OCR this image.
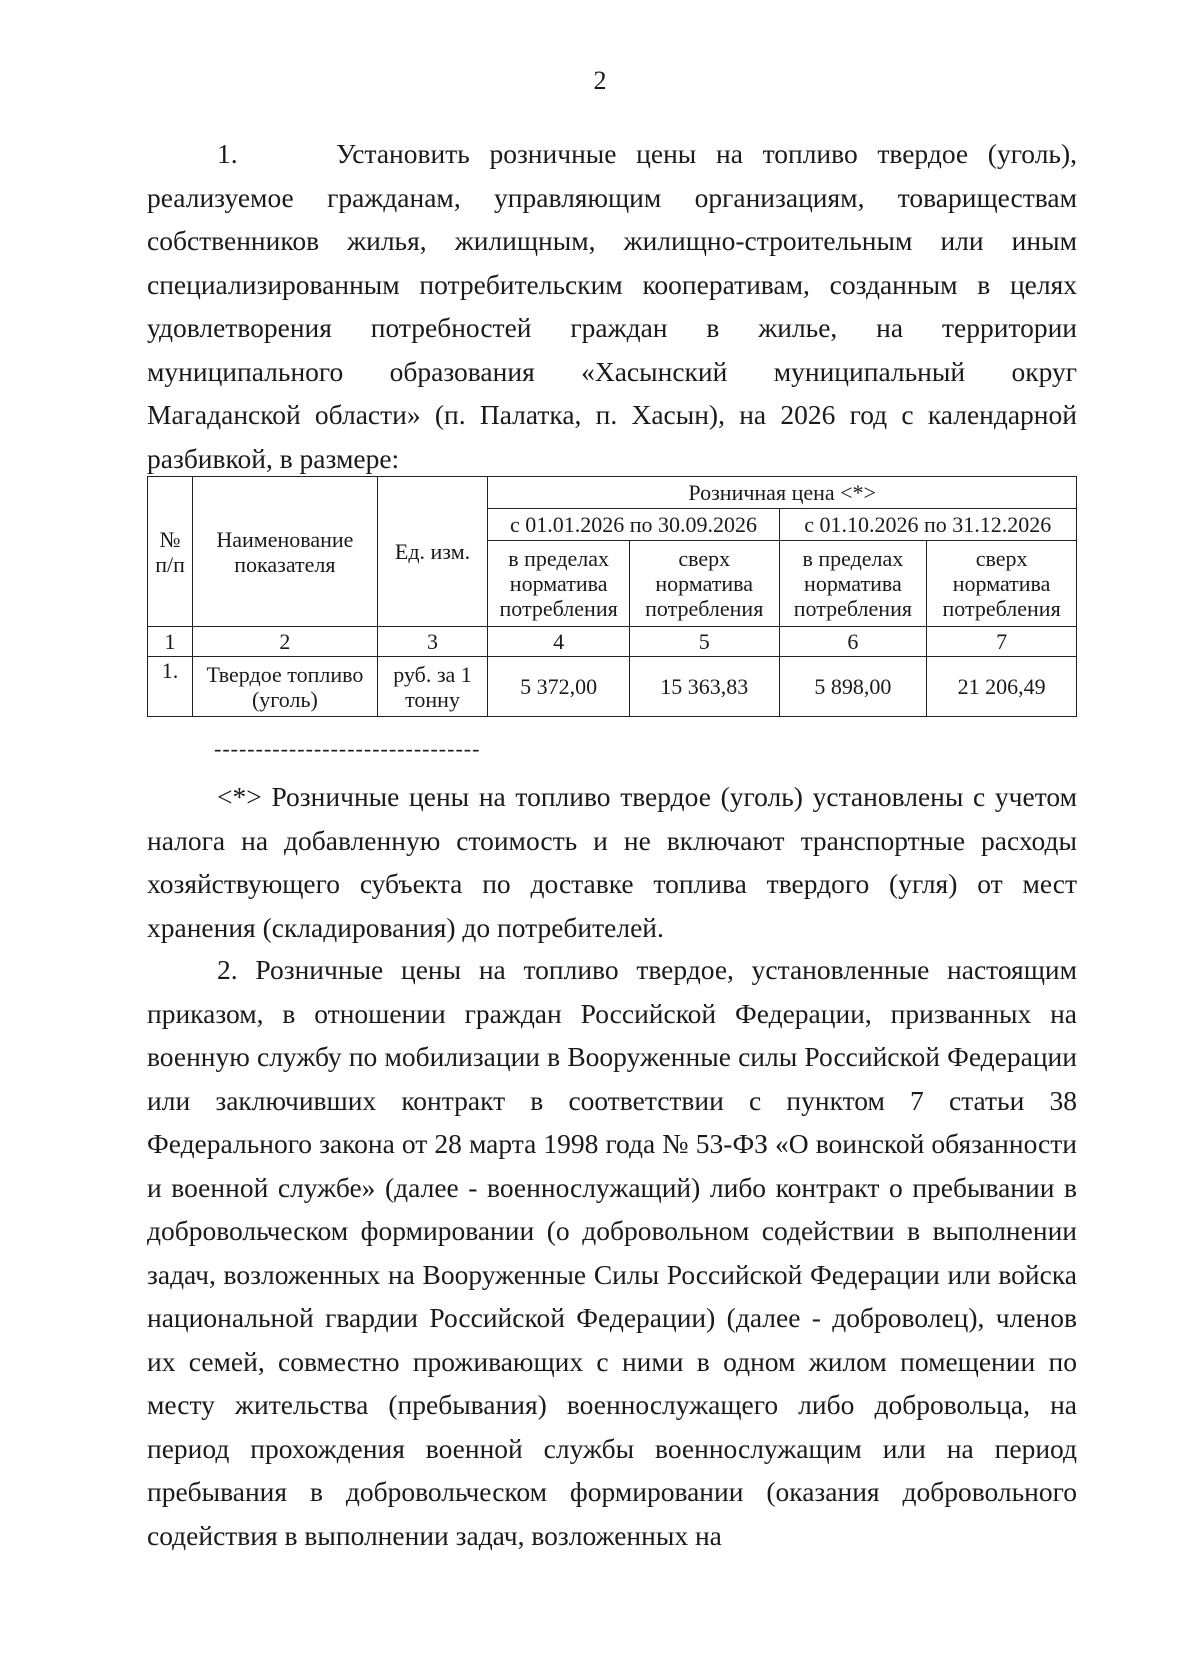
2

1.     Установить розничные цены на топливо твердое (уголь), реализуемое гражданам, управляющим организациям, товариществам собственников жилья, жилищным, жилищно-строительным или иным специализированным потребительским кооперативам, созданным в целях удовлетворения потребностей граждан в жилье, на территории муниципального образования «Хасынский муниципальный округ Магаданской области» (п. Палатка, п. Хасын), на 2026 год с календарной разбивкой, в размере:

№ п/п	Наименование показателя	Ед. изм.	Розничная цена <*>			
			с 01.01.2026 по 30.09.2026		с 01.10.2026 по 31.12.2026	
			в пределах норматива потребления	сверх норматива потребления	в пределах норматива потребления	сверх норматива потребления
1	2	3	4	5	6	7
1.	Твердое топливо (уголь)	руб. за 1 тонну	5 372,00	15 363,83	5 898,00	21 206,49
--------------------------------

<*> Розничные цены на топливо твердое (уголь) установлены с учетом налога на добавленную стоимость и не включают транспортные расходы хозяйствующего субъекта по доставке топлива твердого (угля) от мест хранения (складирования) до потребителей.

2. Розничные цены на топливо твердое, установленные настоящим приказом, в отношении граждан Российской Федерации, призванных на военную службу по мобилизации в Вооруженные силы Российской Федерации или заключивших контракт в соответствии с пунктом 7 статьи 38 Федерального закона от 28 марта 1998 года № 53-ФЗ «О воинской обязанности и военной службе» (далее - военнослужащий) либо контракт о пребывании в добровольческом формировании (о добровольном содействии в выполнении задач, возложенных на Вооруженные Силы Российской Федерации или войска национальной гвардии Российской Федерации) (далее - доброволец), членов их семей, совместно проживающих с ними в одном жилом помещении по месту жительства (пребывания) военнослужащего либо добровольца, на период прохождения военной службы военнослужащим или на период пребывания в добровольческом формировании (оказания добровольного содействия в выполнении задач, возложенных на
